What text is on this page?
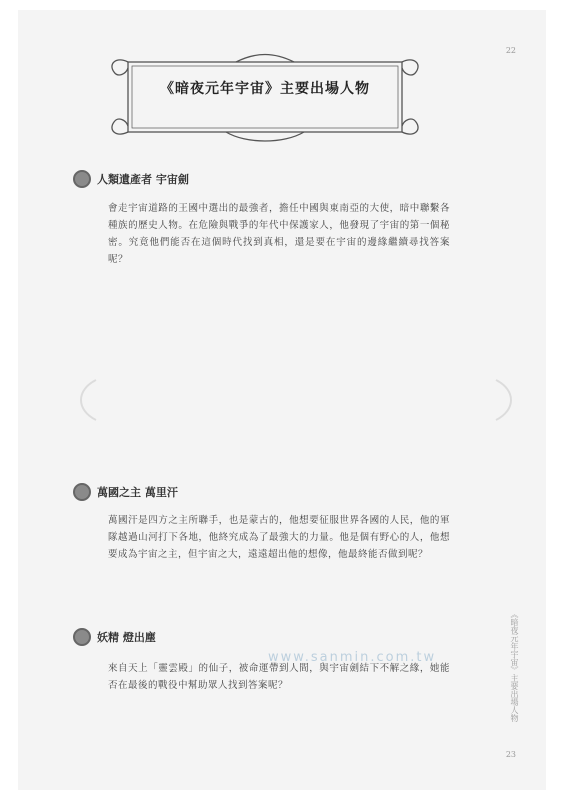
《暗夜元年宇宙》主要出場人物
人類遺產者 宇宙劍

會走宇宙道路的王國中選出的最強者，擔任中國與東南亞的大使，暗中聯繫各種族的歷史人物。在危險與戰爭的年代中保護家人，他發現了宇宙的第一個秘密。究竟他們能否在這個時代找到真相，還是要在宇宙的邊緣繼續尋找答案呢？

萬國之主 萬里汗

萬國汗是四方之主所聯手，也是蒙古的，他想要征服世界各國的人民，他的軍隊越過山河打下各地，他終究成為了最強大的力量。他是個有野心的人，他想要成為宇宙之主，但宇宙之大，遠遠超出他的想像，他最終能否做到呢？

妖精 燈出塵

來自天上「靈雲殿」的仙子，被命運帶到人間，與宇宙劍結下不解之緣，她能否在最後的戰役中幫助眾人找到答案呢？

22
《暗夜元年宇宙》主要出場人物
23
www.sanmin.com.tw
